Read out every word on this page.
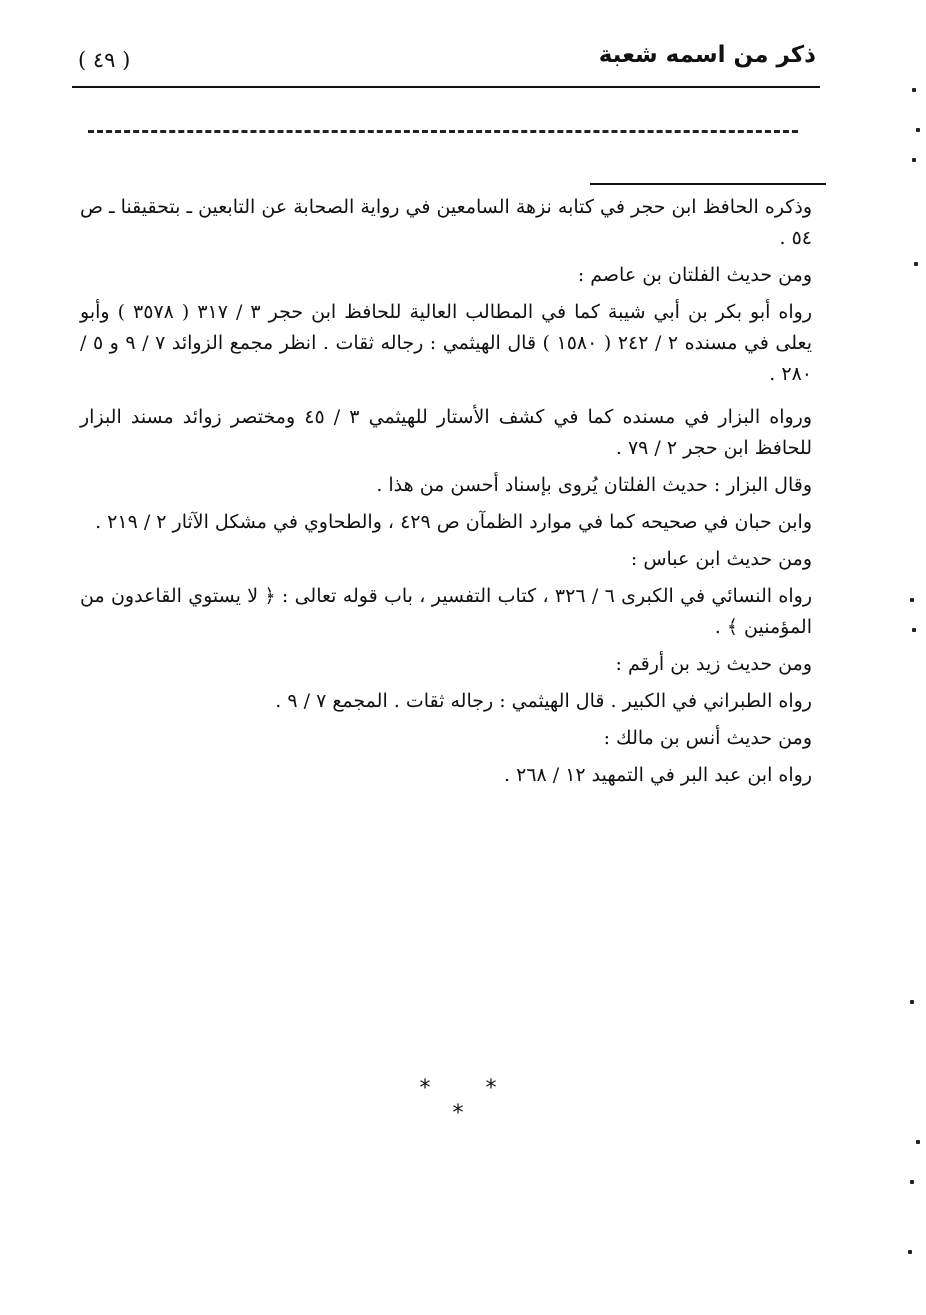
ذكر من اسمه شعبة
( ٤٩ )

وذكره الحافظ ابن حجر في كتابه نزهة السامعين في رواية الصحابة عن التابعين ـ بتحقيقنا ـ ص ٥٤ .

ومن حديث الفلتان بن عاصم :

رواه أبو بكر بن أبي شيبة كما في المطالب العالية للحافظ ابن حجر ٣ / ٣١٧ ( ٣٥٧٨ ) وأبو يعلى في مسنده ٢ / ٢٤٢ ( ١٥٨٠ ) قال الهيثمي : رجاله ثقات . انظر مجمع الزوائد ٧ / ٩ و ٥ / ٢٨٠ .

ورواه البزار في مسنده كما في كشف الأستار للهيثمي ٣ / ٤٥ ومختصر زوائد مسند البزار للحافظ ابن حجر ٢ / ٧٩ .

وقال البزار : حديث الفلتان يُروى بإسناد أحسن من هذا .

وابن حبان في صحيحه كما في موارد الظمآن ص ٤٢٩ ، والطحاوي في مشكل الآثار ٢ / ٢١٩ .

ومن حديث ابن عباس :

رواه النسائي في الكبرى ٦ / ٣٢٦ ، كتاب التفسير ، باب قوله تعالى : ﴿ لا يستوي القاعدون من المؤمنين ﴾ .

ومن حديث زيد بن أرقم :

رواه الطبراني في الكبير . قال الهيثمي : رجاله ثقات . المجمع ٧ / ٩ .

ومن حديث أنس بن مالك :

رواه ابن عبد البر في التمهيد ١٢ / ٢٦٨ .

* * *
